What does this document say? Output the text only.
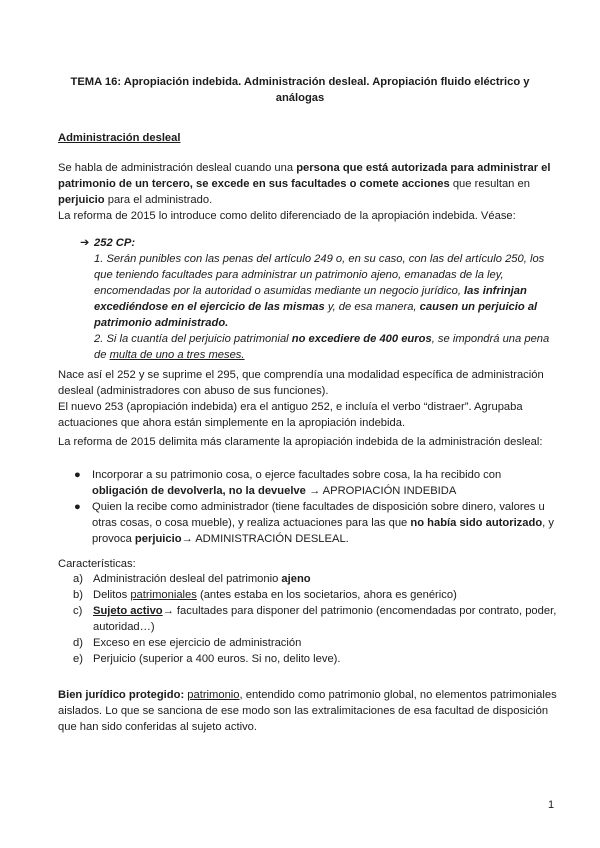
TEMA 16: Apropiación indebida. Administración desleal. Apropiación fluido eléctrico y análogas
Administración desleal
Se habla de administración desleal cuando una persona que está autorizada para administrar el patrimonio de un tercero, se excede en sus facultades o comete acciones que resultan en perjuicio para el administrado.
La reforma de 2015 lo introduce como delito diferenciado de la apropiación indebida. Véase:
➔ 252 CP:
1. Serán punibles con las penas del artículo 249 o, en su caso, con las del artículo 250, los que teniendo facultades para administrar un patrimonio ajeno, emanadas de la ley, encomendadas por la autoridad o asumidas mediante un negocio jurídico, las infrinjan excediéndose en el ejercicio de las mismas y, de esa manera, causen un perjuicio al patrimonio administrado.
2. Si la cuantía del perjuicio patrimonial no excediere de 400 euros, se impondrá una pena de multa de uno a tres meses.
Nace así el 252 y se suprime el 295, que comprendía una modalidad específica de administración desleal (administradores con abuso de sus funciones).
El nuevo 253 (apropiación indebida) era el antiguo 252, e incluía el verbo “distraer”. Agrupaba actuaciones que ahora están simplemente en la apropiación indebida.
La reforma de 2015 delimita más claramente la apropiación indebida de la administración desleal:
● Incorporar a su patrimonio cosa, o ejerce facultades sobre cosa, la ha recibido con obligación de devolverla, no la devuelve → APROPIACIÓN INDEBIDA
● Quien la recibe como administrador (tiene facultades de disposición sobre dinero, valores u otras cosas, o cosa mueble), y realiza actuaciones para las que no había sido autorizado, y provoca perjuicio→ ADMINISTRACIÓN DESLEAL.
Características:
a) Administración desleal del patrimonio ajeno
b) Delitos patrimoniales (antes estaba en los societarios, ahora es genérico)
c) Sujeto activo→ facultades para disponer del patrimonio (encomendadas por contrato, poder, autoridad…)
d) Exceso en ese ejercicio de administración
e) Perjuicio (superior a 400 euros. Si no, delito leve).
Bien jurídico protegido: patrimonio, entendido como patrimonio global, no elementos patrimoniales aislados. Lo que se sanciona de ese modo son las extralimitaciones de esa facultad de disposición que han sido conferidas al sujeto activo.
1
